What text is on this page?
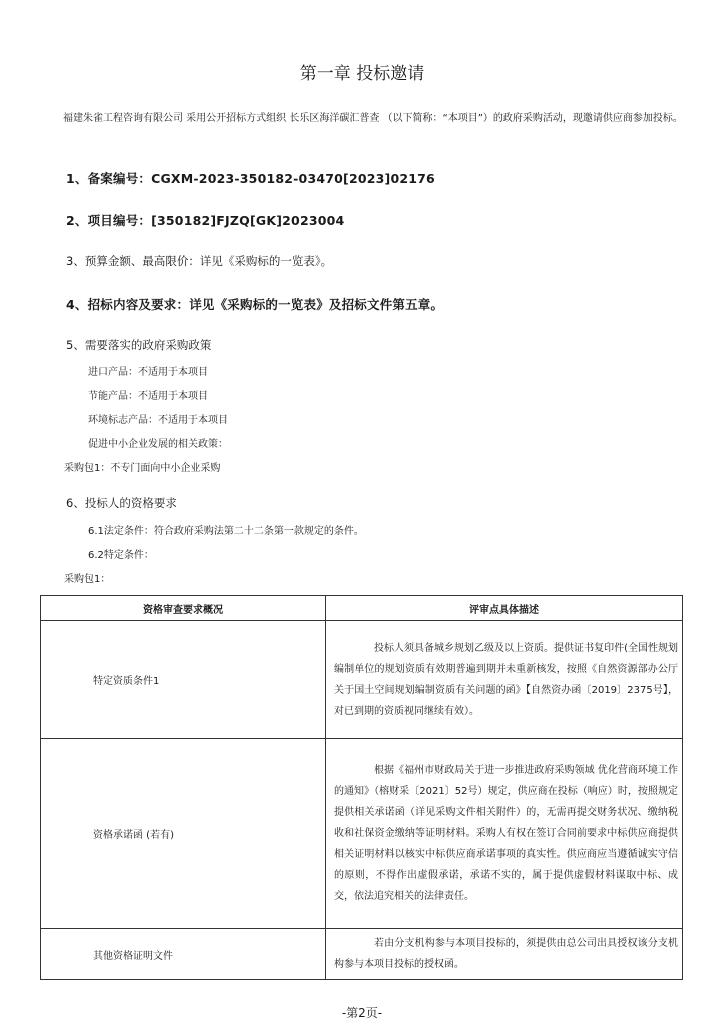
第一章 投标邀请
福建朱雀工程咨询有限公司 采用公开招标方式组织 长乐区海洋碳汇普查 （以下简称：“本项目”）的政府采购活动，现邀请供应商参加投标。
1、备案编号：CGXM-2023-350182-03470[2023]02176
2、项目编号：[350182]FJZQ[GK]2023004
3、预算金额、最高限价：详见《采购标的一览表》。
4、招标内容及要求：详见《采购标的一览表》及招标文件第五章。
5、需要落实的政府采购政策
进口产品：不适用于本项目
节能产品：不适用于本项目
环境标志产品：不适用于本项目
促进中小企业发展的相关政策：
采购包1：不专门面向中小企业采购
6、投标人的资格要求
6.1法定条件：符合政府采购法第二十二条第一款规定的条件。
6.2特定条件：
采购包1：
资格审查要求概况	评审点具体描述
特定资质条件1	投标人须具备城乡规划乙级及以上资质。提供证书复印件(全国性规划编制单位的规划资质有效期普遍到期并未重新核发，按照《自然资源部办公厅关于国土空间规划编制资质有关问题的函》【自然资办函〔2019〕2375号】，对已到期的资质视同继续有效）。
资格承诺函 (若有)	根据《福州市财政局关于进一步推进政府采购领域 优化营商环境工作的通知》（榕财采〔2021〕52号）规定，供应商在投标（响应）时，按照规定提供相关承诺函（详见采购文件相关附件）的，无需再提交财务状况、缴纳税收和社保资金缴纳等证明材料。采购人有权在签订合同前要求中标供应商提供相关证明材料以核实中标供应商承诺事项的真实性。供应商应当遵循诚实守信的原则，不得作出虚假承诺，承诺不实的，属于提供虚假材料谋取中标、成交，依法追究相关的法律责任。
其他资格证明文件	若由分支机构参与本项目投标的，须提供由总公司出具授权该分支机构参与本项目投标的授权函。
-第2页-
